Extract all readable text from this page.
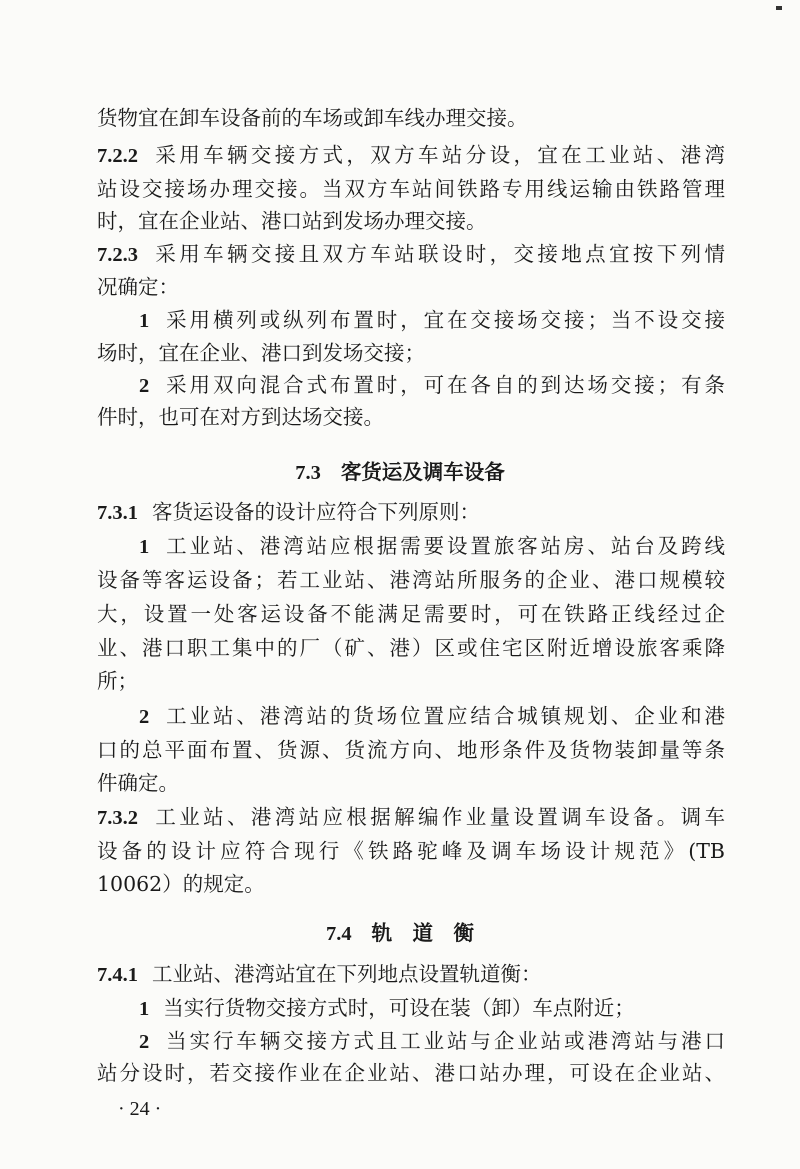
货物宜在卸车设备前的车场或卸车线办理交接。
7.2.2 采用车辆交接方式，双方车站分设，宜在工业站、港湾
站设交接场办理交接。当双方车站间铁路专用线运输由铁路管理
时，宜在企业站、港口站到发场办理交接。
7.2.3 采用车辆交接且双方车站联设时，交接地点宜按下列情
况确定：
1 采用横列或纵列布置时，宜在交接场交接；当不设交接
场时，宜在企业、港口到发场交接；
2 采用双向混合式布置时，可在各自的到达场交接；有条
件时，也可在对方到达场交接。
7.3.1 客货运设备的设计应符合下列原则：
1 工业站、港湾站应根据需要设置旅客站房、站台及跨线
设备等客运设备；若工业站、港湾站所服务的企业、港口规模较
大，设置一处客运设备不能满足需要时，可在铁路正线经过企
业、港口职工集中的厂（矿、港）区或住宅区附近增设旅客乘降
所；
2 工业站、港湾站的货场位置应结合城镇规划、企业和港
口的总平面布置、货源、货流方向、地形条件及货物装卸量等条
件确定。
7.3.2 工业站、港湾站应根据解编作业量设置调车设备。调车
设备的设计应符合现行《铁路驼峰及调车场设计规范》(TB
10062）的规定。
7.4.1 工业站、港湾站宜在下列地点设置轨道衡：
1 当实行货物交接方式时，可设在装（卸）车点附近；
2 当实行车辆交接方式且工业站与企业站或港湾站与港口
站分设时，若交接作业在企业站、港口站办理，可设在企业站、
7.3 客货运及调车设备
7.4 轨　道　衡
· 24 ·
